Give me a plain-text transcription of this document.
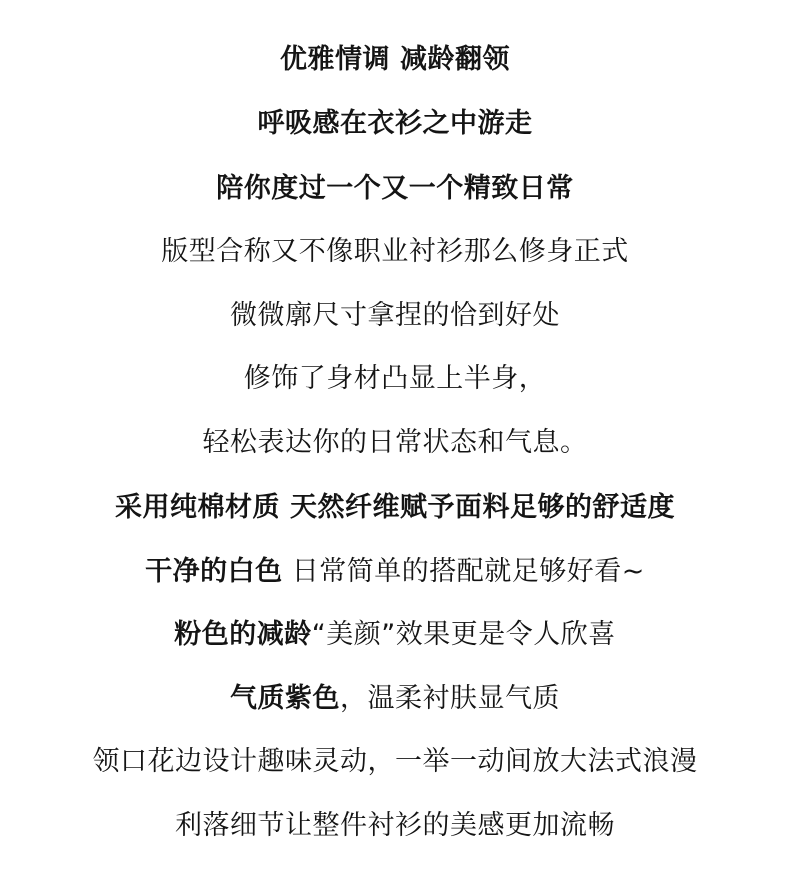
优雅情调 减龄翻领
呼吸感在衣衫之中游走
陪你度过一个又一个精致日常
版型合称又不像职业衬衫那么修身正式
微微廓尺寸拿捏的恰到好处
修饰了身材凸显上半身，
轻松表达你的日常状态和气息。
采用纯棉材质 天然纤维赋予面料足够的舒适度
干净的白色 日常简单的搭配就足够好看~
粉色的减龄“美颜”效果更是令人欣喜
气质紫色，温柔衬肤显气质
领口花边设计趣味灵动，一举一动间放大法式浪漫
利落细节让整件衬衫的美感更加流畅
